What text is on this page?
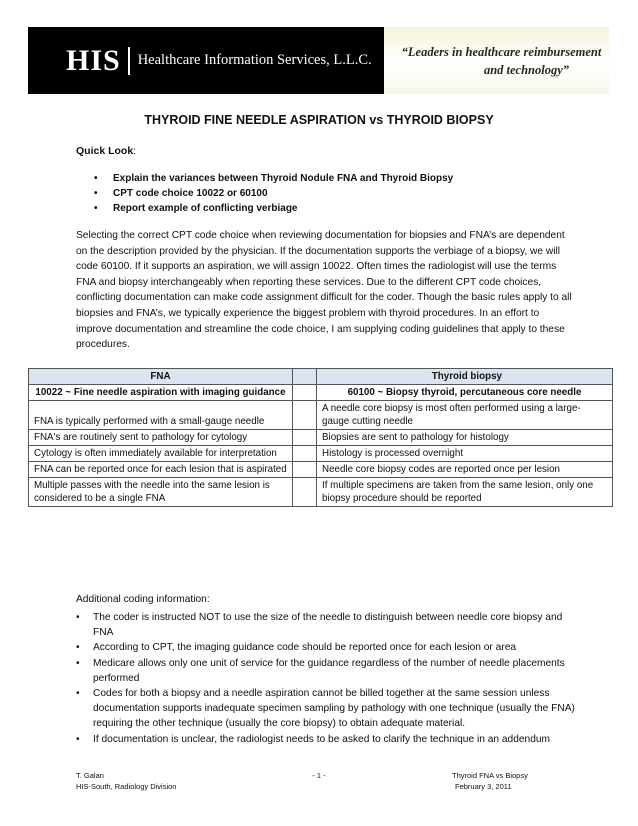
HIS Healthcare Information Services, L.L.C.
“Leaders in healthcare reimbursement
and technology”
THYROID FINE NEEDLE ASPIRATION vs THYROID BIOPSY
Quick Look:
• Explain the variances between Thyroid Nodule FNA and Thyroid Biopsy
• CPT code choice 10022 or 60100
• Report example of conflicting verbiage
Selecting the correct CPT code choice when reviewing documentation for biopsies and FNA’s are dependent on the description provided by the physician. If the documentation supports the verbiage of a biopsy, we will code 60100. If it supports an aspiration, we will assign 10022. Often times the radiologist will use the terms FNA and biopsy interchangeably when reporting these services. Due to the different CPT code choices, conflicting documentation can make code assignment difficult for the coder. Though the basic rules apply to all biopsies and FNA’s, we typically experience the biggest problem with thyroid procedures. In an effort to improve documentation and streamline the code choice, I am supplying coding guidelines that apply to these procedures.
FNA		Thyroid biopsy
10022 ~ Fine needle aspiration with imaging guidance		60100 ~ Biopsy thyroid, percutaneous core needle
FNA is typically performed with a small-gauge needle		A needle core biopsy is most often performed using a large-gauge cutting needle
FNA's are routinely sent to pathology for cytology		Biopsies are sent to pathology for histology
Cytology is often immediately available for interpretation		Histology is processed overnight
FNA can be reported once for each lesion that is aspirated		Needle core biopsy codes are reported once per lesion
Multiple passes with the needle into the same lesion is considered to be a single FNA		If multiple specimens are taken from the same lesion, only one biopsy procedure should be reported
Additional coding information:
• The coder is instructed NOT to use the size of the needle to distinguish between needle core biopsy and FNA
• According to CPT, the imaging guidance code should be reported once for each lesion or area
• Medicare allows only one unit of service for the guidance regardless of the number of needle placements performed
• Codes for both a biopsy and a needle aspiration cannot be billed together at the same session unless documentation supports inadequate specimen sampling by pathology with one technique (usually the FNA) requiring the other technique (usually the core biopsy) to obtain adequate material.
• If documentation is unclear, the radiologist needs to be asked to clarify the technique in an addendum
T. Galan
HIS-South, Radiology Division
- 1 -	Thyroid FNA vs Biopsy
February 3, 2011
